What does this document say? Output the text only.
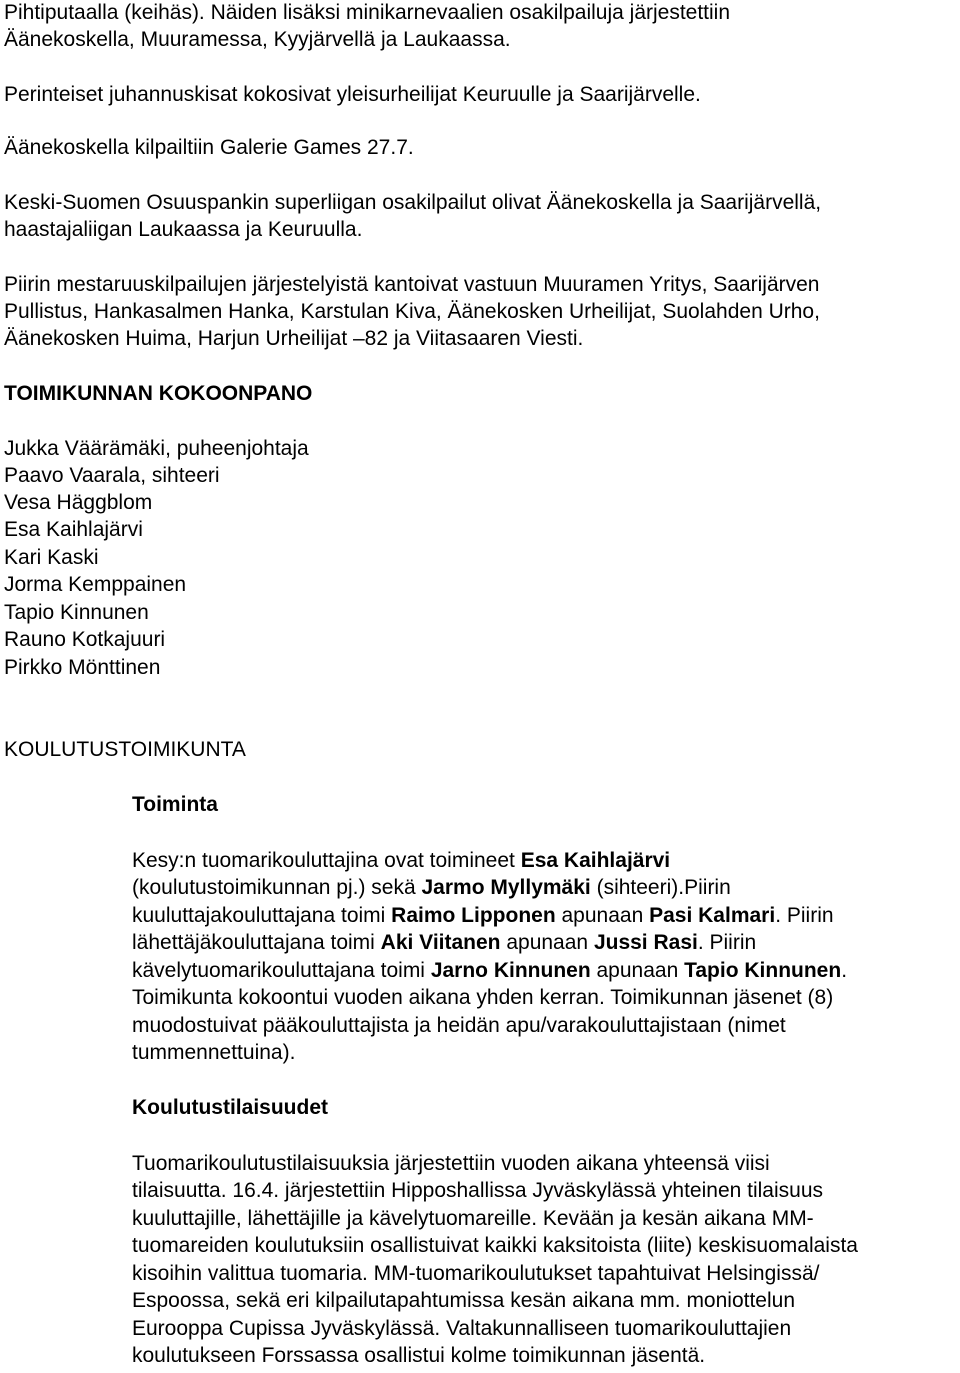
Pihtiputaalla (keihäs). Näiden lisäksi minikarnevaalien osakilpailuja järjestettiin

Äänekoskella, Muuramessa, Kyyjärvellä ja Laukaassa.

Perinteiset juhannuskisat kokosivat yleisurheilijat Keuruulle ja Saarijärvelle.

Äänekoskella kilpailtiin Galerie Games 27.7.

Keski-Suomen Osuuspankin superliigan osakilpailut olivat Äänekoskella ja Saarijärvellä,

haastajaliigan Laukaassa ja Keuruulla.

Piirin mestaruuskilpailujen järjestelyistä kantoivat vastuun Muuramen Yritys, Saarijärven

Pullistus, Hankasalmen Hanka, Karstulan Kiva, Äänekosken Urheilijat, Suolahden Urho,

Äänekosken Huima, Harjun Urheilijat –82 ja Viitasaaren Viesti.

TOIMIKUNNAN KOKOONPANO

Jukka Väärämäki, puheenjohtaja

Paavo Vaarala, sihteeri

Vesa Häggblom

Esa Kaihlajärvi

Kari Kaski

Jorma Kemppainen

Tapio Kinnunen

Rauno Kotkajuuri

Pirkko Mönttinen

KOULUTUSTOIMIKUNTA

Toiminta

Kesy:n tuomarikouluttajina ovat toimineet Esa Kaihlajärvi

(koulutustoimikunnan pj.) sekä Jarmo Myllymäki (sihteeri).Piirin

kuuluttajakouluttajana toimi Raimo Lipponen apunaan Pasi Kalmari. Piirin

lähettäjäkouluttajana toimi Aki Viitanen apunaan Jussi Rasi. Piirin

kävelytuomarikouluttajana toimi Jarno Kinnunen apunaan Tapio Kinnunen.

Toimikunta kokoontui vuoden aikana yhden kerran. Toimikunnan jäsenet (8)

muodostuivat pääkouluttajista ja heidän apu/varakouluttajistaan (nimet

tummennettuina).

Koulutustilaisuudet

Tuomarikoulutustilaisuuksia järjestettiin vuoden aikana yhteensä viisi

tilaisuutta. 16.4. järjestettiin Hipposhallissa Jyväskylässä yhteinen tilaisuus

kuuluttajille, lähettäjille ja kävelytuomareille. Kevään ja kesän aikana MM-

tuomareiden koulutuksiin osallistuivat kaikki kaksitoista (liite) keskisuomalaista

kisoihin valittua tuomaria. MM-tuomarikoulutukset tapahtuivat Helsingissä/

Espoossa, sekä eri kilpailutapahtumissa kesän aikana mm. moniottelun

Eurooppa Cupissa Jyväskylässä. Valtakunnalliseen tuomarikouluttajien

koulutukseen Forssassa osallistui kolme toimikunnan jäsentä.
